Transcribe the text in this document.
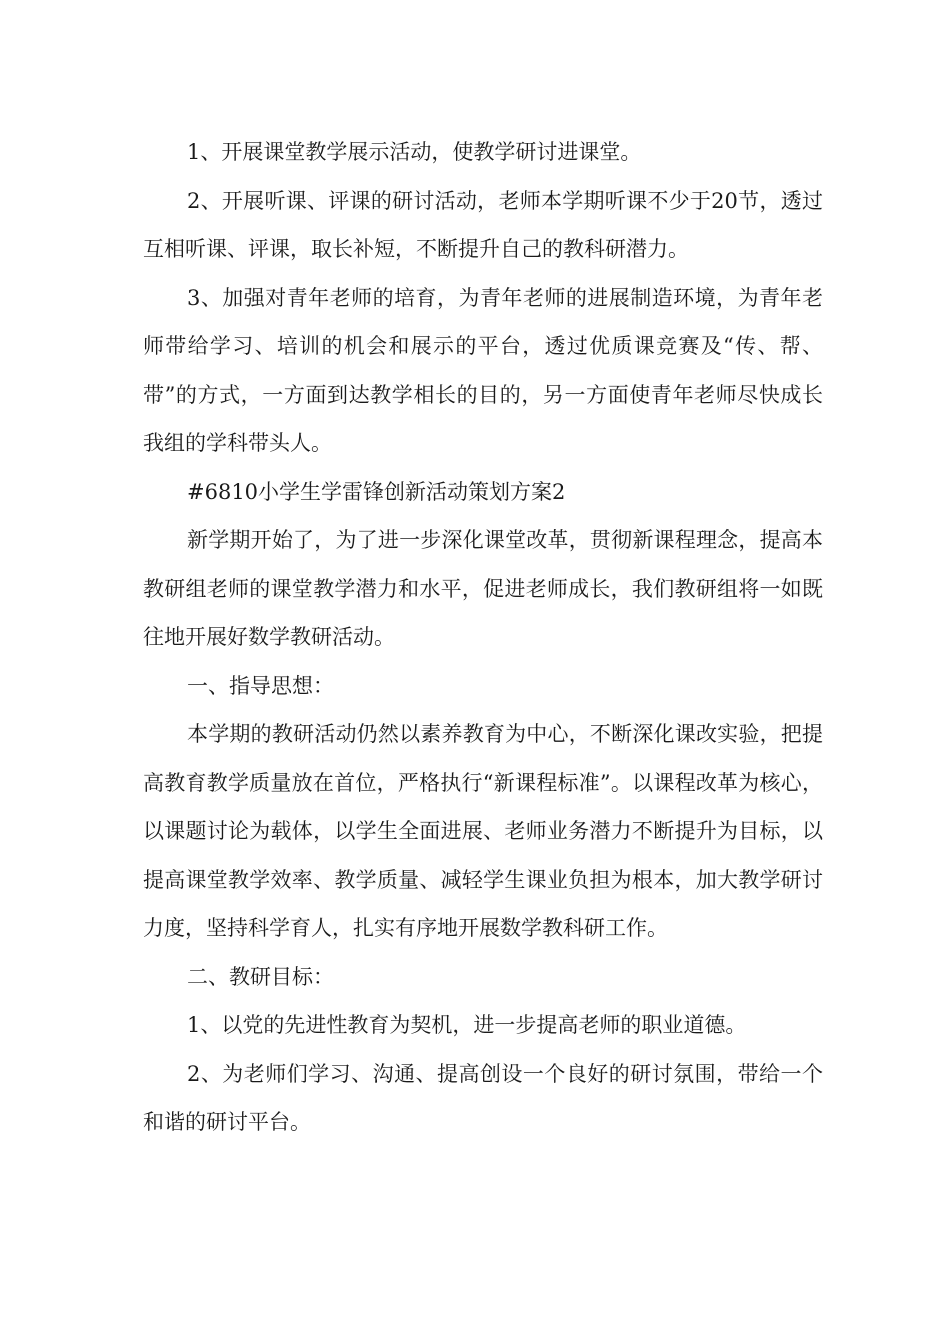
1、开展课堂教学展示活动，使教学研讨进课堂。

2、开展听课、评课的研讨活动，老师本学期听课不少于20节，透过互相听课、评课，取长补短，不断提升自己的教科研潜力。

3、加强对青年老师的培育，为青年老师的进展制造环境，为青年老师带给学习、培训的机会和展示的平台，透过优质课竞赛及“传、帮、带”的方式，一方面到达教学相长的目的，另一方面使青年老师尽快成长我组的学科带头人。

#6810小学生学雷锋创新活动策划方案2

新学期开始了，为了进一步深化课堂改革，贯彻新课程理念，提高本教研组老师的课堂教学潜力和水平，促进老师成长，我们教研组将一如既往地开展好数学教研活动。

一、指导思想：

本学期的教研活动仍然以素养教育为中心，不断深化课改实验，把提高教育教学质量放在首位，严格执行“新课程标准”。以课程改革为核心，以课题讨论为载体，以学生全面进展、老师业务潜力不断提升为目标，以提高课堂教学效率、教学质量、减轻学生课业负担为根本，加大教学研讨力度，坚持科学育人，扎实有序地开展数学教科研工作。

二、教研目标：

1、以党的先进性教育为契机，进一步提高老师的职业道德。

2、为老师们学习、沟通、提高创设一个良好的研讨氛围，带给一个和谐的研讨平台。
